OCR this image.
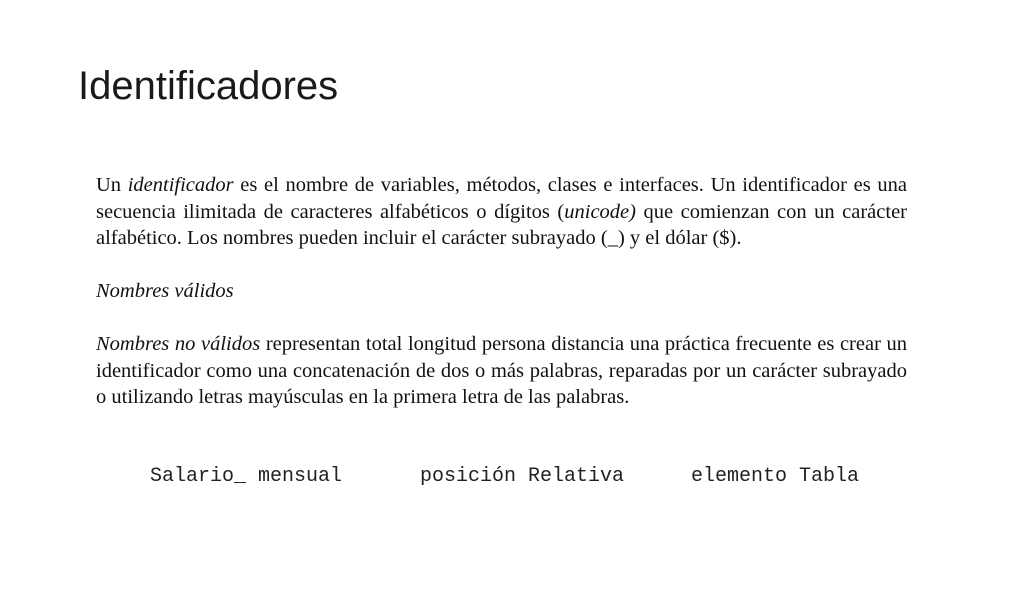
Identificadores

Un identificador es el nombre de variables, métodos, clases e interfaces. Un identificador es una secuencia ilimitada de caracteres alfabéticos o dígitos (unicode) que comienzan con un carácter alfabético. Los nombres pueden incluir el carácter subrayado (_) y el dólar ($).

Nombres válidos

Nombres no válidos representan total longitud persona distancia una práctica frecuente es crear un identificador como una concatenación de dos o más palabras, reparadas por un carácter subrayado o utilizando letras mayúsculas en la primera letra de las palabras.

Salario_ mensual

	posición Relativa

	elemento Tabla
